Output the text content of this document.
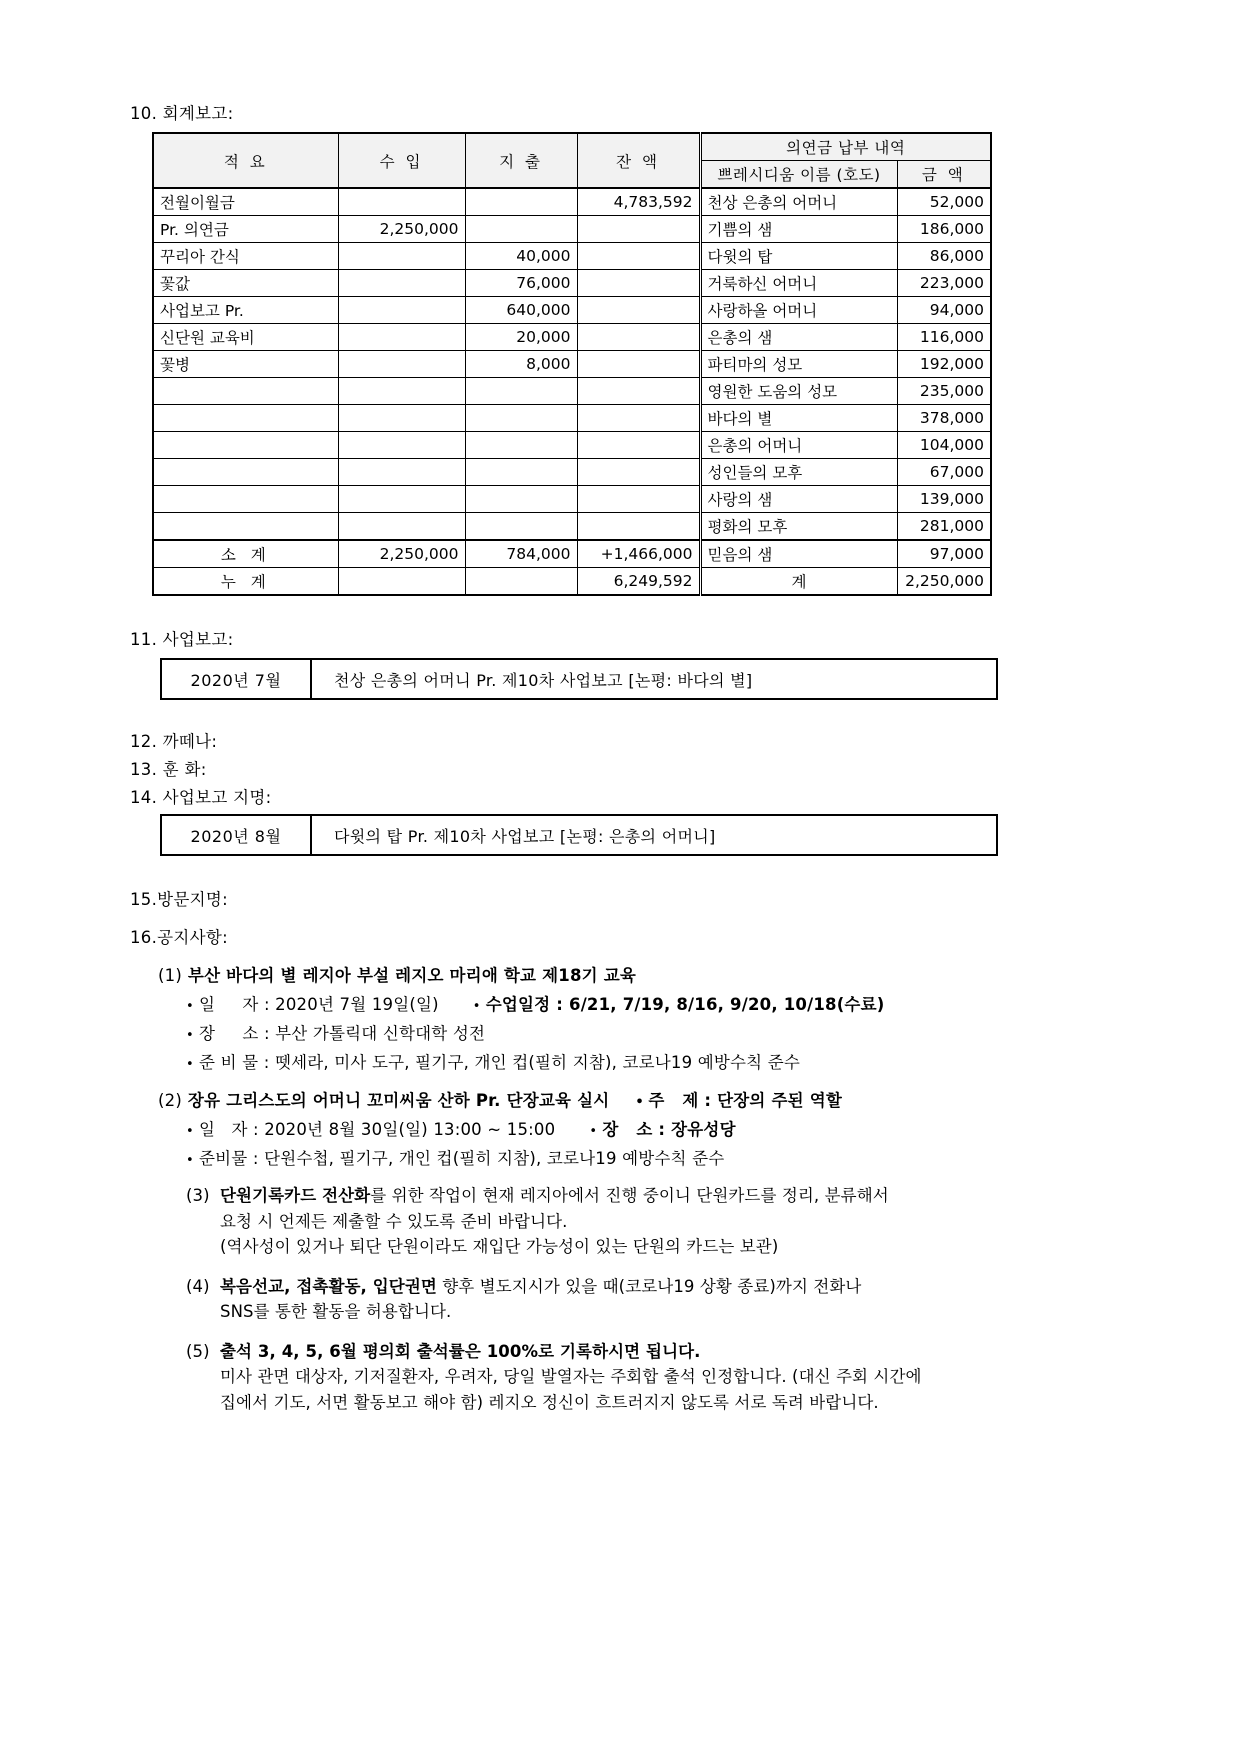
10. 회계보고:
적 요	수 입	지 출	잔 액	의연금 납부 내역	
				쁘레시디움 이름 (호도)	금 액
전월이월금			4,783,592	천상 은총의 어머니	52,000
Pr. 의연금	2,250,000			기쁨의 샘	186,000
꾸리아 간식		40,000		다윗의 탑	86,000
꽃값		76,000		거룩하신 어머니	223,000
사업보고 Pr.		640,000		사랑하올 어머니	94,000
신단원 교육비		20,000		은총의 샘	116,000
꽃병		8,000		파티마의 성모	192,000
				영원한 도움의 성모	235,000
				바다의 별	378,000
				은총의 어머니	104,000
				성인들의 모후	67,000
				사랑의 샘	139,000
				평화의 모후	281,000
소 계	2,250,000	784,000	+1,466,000	믿음의 샘	97,000
누 계			6,249,592	계	2,250,000
11. 사업보고:
2020년 7월	천상 은총의 어머니 Pr. 제10차 사업보고 [논평: 바다의 별]
12. 까떼나:
13. 훈 화:
14. 사업보고 지명:
2020년 8월	다윗의 탑 Pr. 제10차 사업보고 [논평: 은총의 어머니]
15.방문지명:
16.공지사항:
(1) 부산 바다의 별 레지아 부설 레지오 마리애 학교 제18기 교육
•
일     자 : 2020년 7월 19일(일) •	수업일정 : 6/21, 7/19, 8/16, 9/20, 10/18(수료)
•
장     소 : 부산 가톨릭대 신학대학 성전
•
준 비 물 : 뗏세라, 미사 도구, 필기구, 개인 컵(필히 지참), 코로나19 예방수칙 준수
(2) 장유 그리스도의 어머니 꼬미씨움 산하 Pr. 단장교육 실시 • 주   제 : 단장의 주된 역할
•
일   자 : 2020년 8월 30일(일) 13:00 ~ 15:00 •	장   소 : 장유성당
•
준비물 : 단원수첩, 필기구, 개인 컵(필히 지참), 코로나19 예방수칙 준수
(3) 단원기록카드 전산화를 위한 작업이 현재 레지아에서 진행 중이니 단원카드를 정리, 분류해서
요청 시 언제든 제출할 수 있도록 준비 바랍니다.
(역사성이 있거나 퇴단 단원이라도 재입단 가능성이 있는 단원의 카드는 보관)
(4) 복음선교, 접촉활동, 입단권면 향후 별도지시가 있을 때(코로나19 상황 종료)까지 전화나
SNS를 통한 활동을 허용합니다.
(5) 출석 3, 4, 5, 6월 평의회 출석률은 100%로 기록하시면 됩니다.
미사 관면 대상자, 기저질환자, 우려자, 당일 발열자는 주회합 출석 인정합니다. (대신 주회 시간에
집에서 기도, 서면 활동보고 해야 함) 레지오 정신이 흐트러지지 않도록 서로 독려 바랍니다.
